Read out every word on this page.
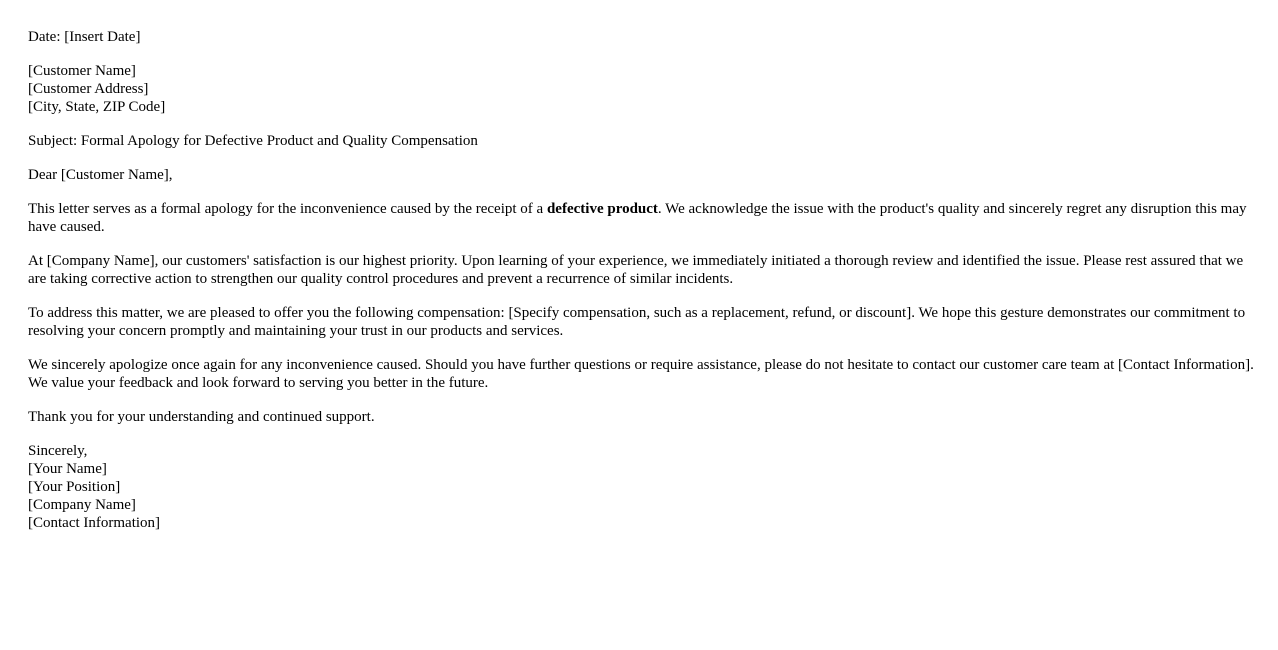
Date: [Insert Date]
[Customer Name]
[Customer Address]
[City, State, ZIP Code]
Subject: Formal Apology for Defective Product and Quality Compensation
Dear [Customer Name],
This letter serves as a formal apology for the inconvenience caused by the receipt of a defective product. We acknowledge the issue with the product's quality and sincerely regret any disruption this may have caused.
At [Company Name], our customers' satisfaction is our highest priority. Upon learning of your experience, we immediately initiated a thorough review and identified the issue. Please rest assured that we are taking corrective action to strengthen our quality control procedures and prevent a recurrence of similar incidents.
To address this matter, we are pleased to offer you the following compensation: [Specify compensation, such as a replacement, refund, or discount]. We hope this gesture demonstrates our commitment to resolving your concern promptly and maintaining your trust in our products and services.
We sincerely apologize once again for any inconvenience caused. Should you have further questions or require assistance, please do not hesitate to contact our customer care team at [Contact Information]. We value your feedback and look forward to serving you better in the future.
Thank you for your understanding and continued support.
Sincerely,
[Your Name]
[Your Position]
[Company Name]
[Contact Information]
